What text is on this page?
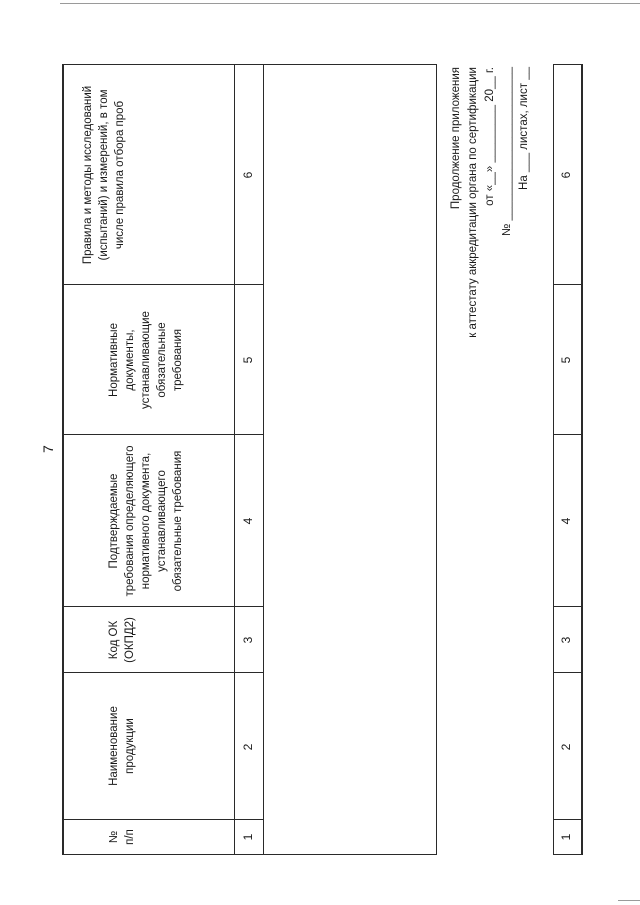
7
№
п/п
Наименование
продукции
Код ОК
(ОКПД2)
Подтверждаемые
требования определяющего
нормативного документа,
устанавливающего
обязательные требования
Нормативные
документы,
устанавливающие
обязательные
требования
Правила и методы исследований
(испытаний) и измерений, в том
числе правила отбора проб
1
2
3
4
5
6	Продолжение приложения
к аттестату аккредитации органа по сертификации
от «__» _________ 20__ г.
№ ________________________
На ___ листах, лист __
1
2
3
4
5
6
